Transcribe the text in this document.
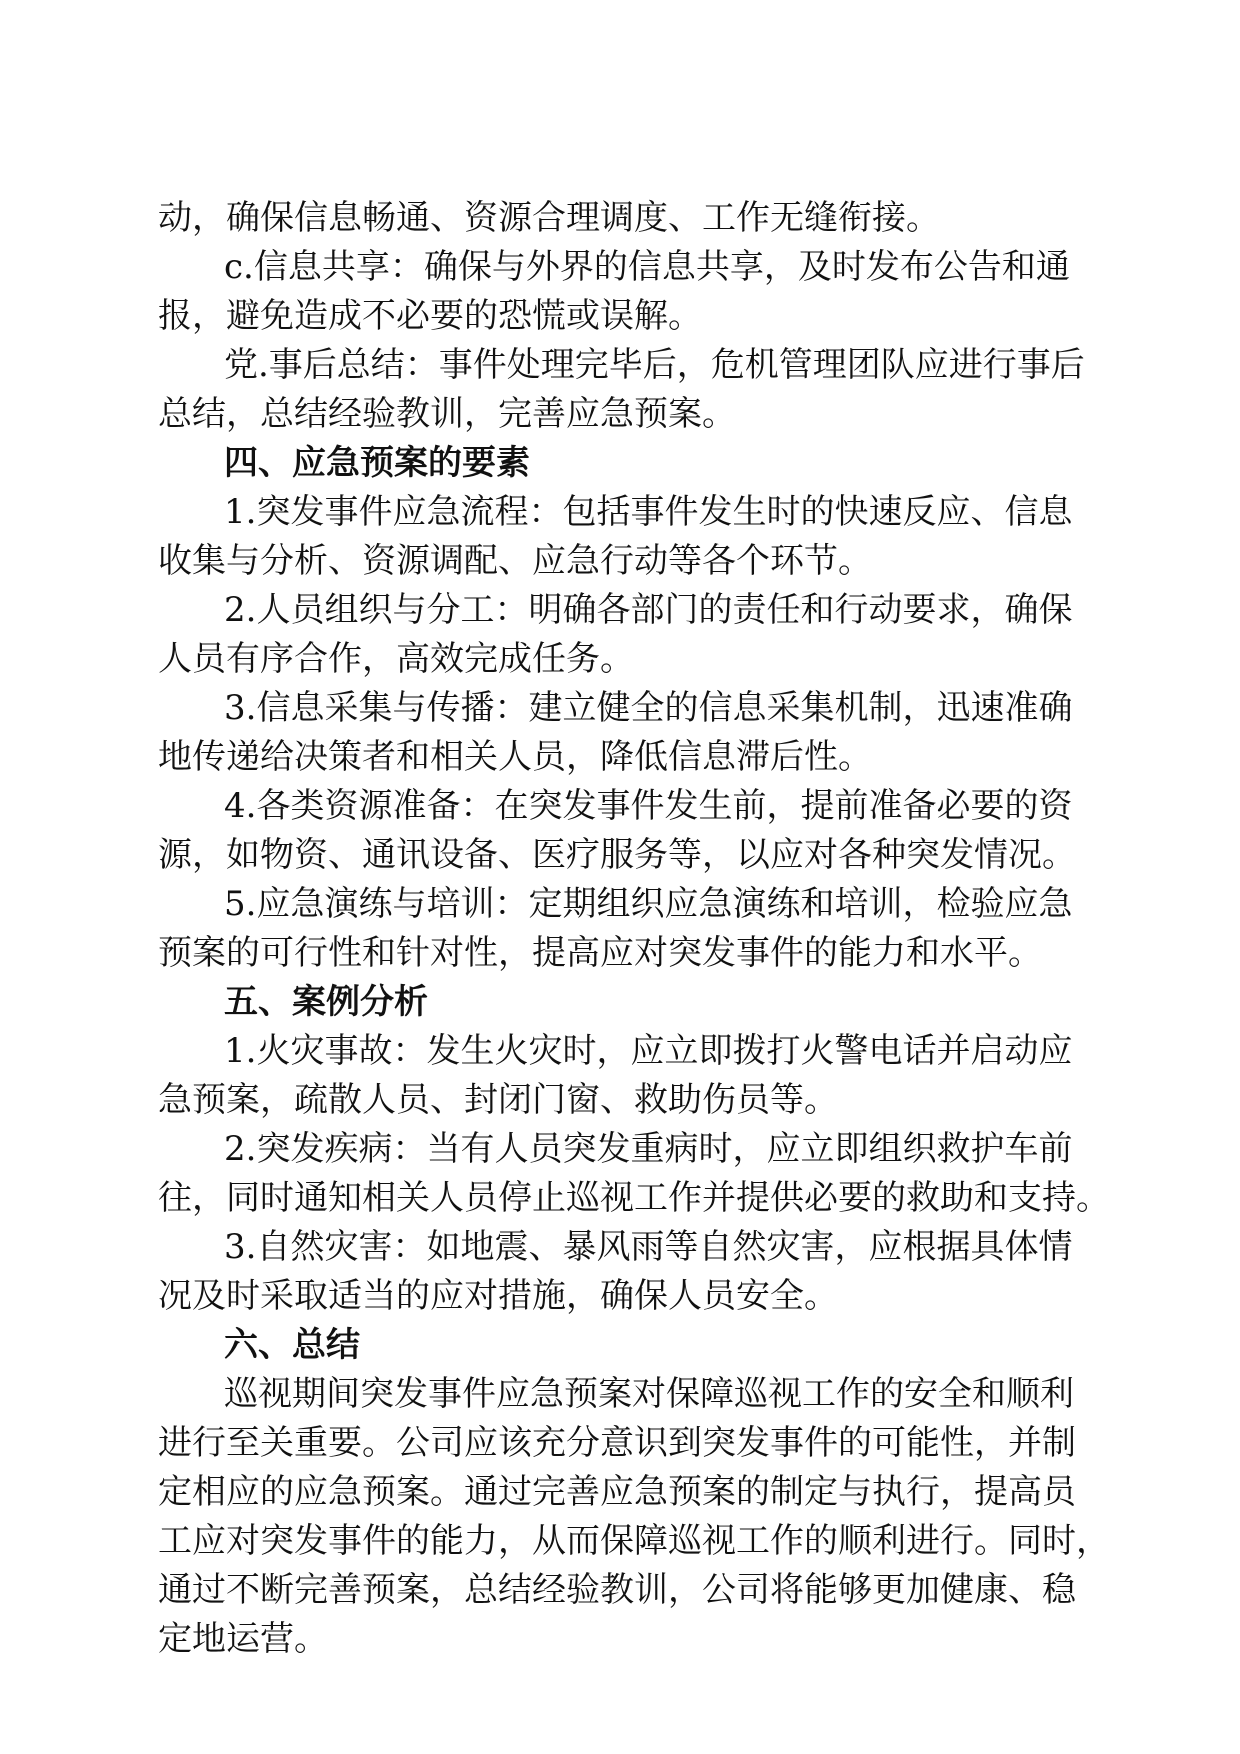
动，确保信息畅通、资源合理调度、工作无缝衔接。
c.信息共享：确保与外界的信息共享，及时发布公告和通
报，避免造成不必要的恐慌或误解。
党.事后总结：事件处理完毕后，危机管理团队应进行事后
总结，总结经验教训，完善应急预案。
四、应急预案的要素
1.突发事件应急流程：包括事件发生时的快速反应、信息
收集与分析、资源调配、应急行动等各个环节。
2.人员组织与分工：明确各部门的责任和行动要求，确保
人员有序合作，高效完成任务。
3.信息采集与传播：建立健全的信息采集机制，迅速准确
地传递给决策者和相关人员，降低信息滞后性。
4.各类资源准备：在突发事件发生前，提前准备必要的资
源，如物资、通讯设备、医疗服务等，以应对各种突发情况。
5.应急演练与培训：定期组织应急演练和培训，检验应急
预案的可行性和针对性，提高应对突发事件的能力和水平。
五、案例分析
1.火灾事故：发生火灾时，应立即拨打火警电话并启动应
急预案，疏散人员、封闭门窗、救助伤员等。
2.突发疾病：当有人员突发重病时，应立即组织救护车前
往，同时通知相关人员停止巡视工作并提供必要的救助和支持。
3.自然灾害：如地震、暴风雨等自然灾害，应根据具体情
况及时采取适当的应对措施，确保人员安全。
六、总结
巡视期间突发事件应急预案对保障巡视工作的安全和顺利
进行至关重要。公司应该充分意识到突发事件的可能性，并制
定相应的应急预案。通过完善应急预案的制定与执行，提高员
工应对突发事件的能力，从而保障巡视工作的顺利进行。同时，
通过不断完善预案，总结经验教训，公司将能够更加健康、稳
定地运营。
